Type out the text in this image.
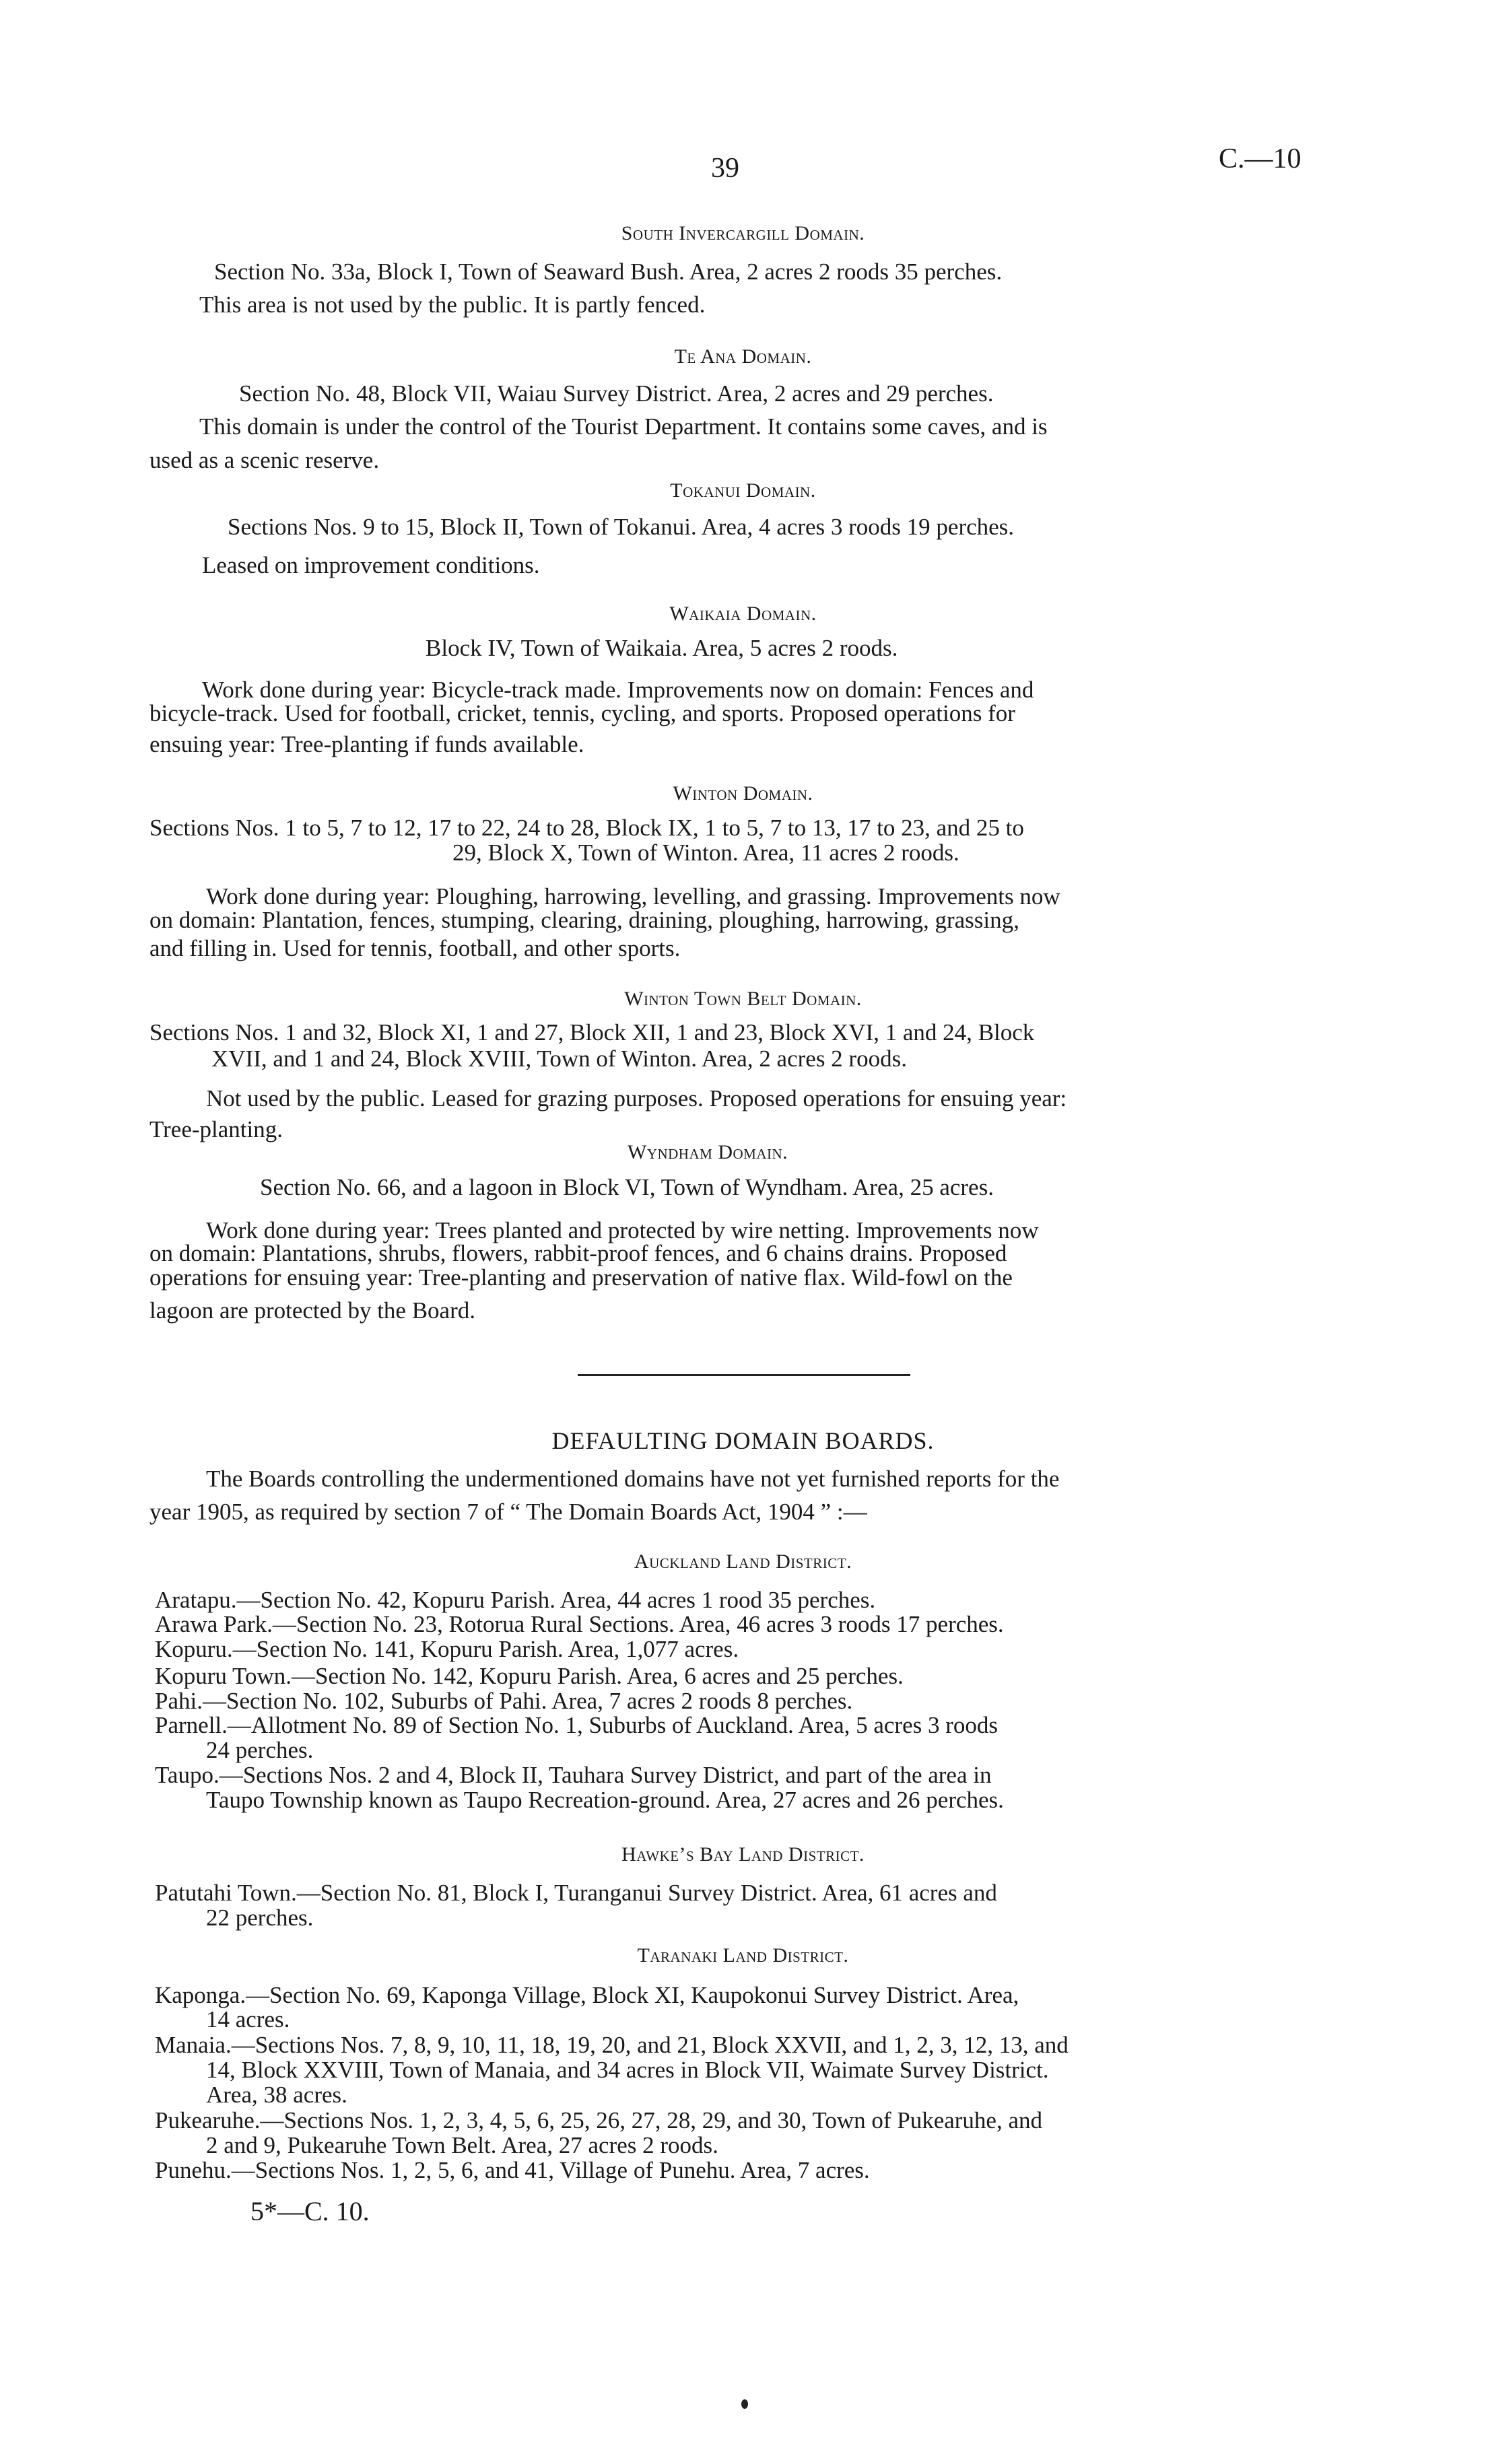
39	C.—10
South Invercargill Domain.
Section No. 33a, Block I, Town of Seaward Bush. Area, 2 acres 2 roods 35 perches.
This area is not used by the public. It is partly fenced.
Te Ana Domain.
Section No. 48, Block VII, Waiau Survey District. Area, 2 acres and 29 perches.
This domain is under the control of the Tourist Department. It contains some caves, and is
used as a scenic reserve.
Tokanui Domain.
Sections Nos. 9 to 15, Block II, Town of Tokanui. Area, 4 acres 3 roods 19 perches.
Leased on improvement conditions.
Waikaia Domain.
Block IV, Town of Waikaia. Area, 5 acres 2 roods.
Work done during year: Bicycle-track made. Improvements now on domain: Fences and
bicycle-track. Used for football, cricket, tennis, cycling, and sports. Proposed operations for
ensuing year: Tree-planting if funds available.
Winton Domain.
Sections Nos. 1 to 5, 7 to 12, 17 to 22, 24 to 28, Block IX, 1 to 5, 7 to 13, 17 to 23, and 25 to
29, Block X, Town of Winton. Area, 11 acres 2 roods.
Work done during year: Ploughing, harrowing, levelling, and grassing. Improvements now
on domain: Plantation, fences, stumping, clearing, draining, ploughing, harrowing, grassing,
and filling in. Used for tennis, football, and other sports.
Winton Town Belt Domain.
Sections Nos. 1 and 32, Block XI, 1 and 27, Block XII, 1 and 23, Block XVI, 1 and 24, Block
XVII, and 1 and 24, Block XVIII, Town of Winton. Area, 2 acres 2 roods.
Not used by the public. Leased for grazing purposes. Proposed operations for ensuing year:
Tree-planting.
Wyndham Domain.
Section No. 66, and a lagoon in Block VI, Town of Wyndham. Area, 25 acres.
Work done during year: Trees planted and protected by wire netting. Improvements now
on domain: Plantations, shrubs, flowers, rabbit-proof fences, and 6 chains drains. Proposed
operations for ensuing year: Tree-planting and preservation of native flax. Wild-fowl on the
lagoon are protected by the Board.
DEFAULTING DOMAIN BOARDS.
The Boards controlling the undermentioned domains have not yet furnished reports for the
year 1905, as required by section 7 of “ The Domain Boards Act, 1904 ” :—
Auckland Land District.
Aratapu.—Section No. 42, Kopuru Parish. Area, 44 acres 1 rood 35 perches.
Arawa Park.—Section No. 23, Rotorua Rural Sections. Area, 46 acres 3 roods 17 perches.
Kopuru.—Section No. 141, Kopuru Parish. Area, 1,077 acres.
Kopuru Town.—Section No. 142, Kopuru Parish. Area, 6 acres and 25 perches.
Pahi.—Section No. 102, Suburbs of Pahi. Area, 7 acres 2 roods 8 perches.
Parnell.—Allotment No. 89 of Section No. 1, Suburbs of Auckland. Area, 5 acres 3 roods
24 perches.
Taupo.—Sections Nos. 2 and 4, Block II, Tauhara Survey District, and part of the area in
Taupo Township known as Taupo Recreation-ground. Area, 27 acres and 26 perches.
Hawke’s Bay Land District.
Patutahi Town.—Section No. 81, Block I, Turanganui Survey District. Area, 61 acres and
22 perches.
Taranaki Land District.
Kaponga.—Section No. 69, Kaponga Village, Block XI, Kaupokonui Survey District. Area,
14 acres.
Manaia.—Sections Nos. 7, 8, 9, 10, 11, 18, 19, 20, and 21, Block XXVII, and 1, 2, 3, 12, 13, and
14, Block XXVIII, Town of Manaia, and 34 acres in Block VII, Waimate Survey District.
Area, 38 acres.
Pukearuhe.—Sections Nos. 1, 2, 3, 4, 5, 6, 25, 26, 27, 28, 29, and 30, Town of Pukearuhe, and
2 and 9, Pukearuhe Town Belt. Area, 27 acres 2 roods.
Punehu.—Sections Nos. 1, 2, 5, 6, and 41, Village of Punehu. Area, 7 acres.
5*—C. 10.
